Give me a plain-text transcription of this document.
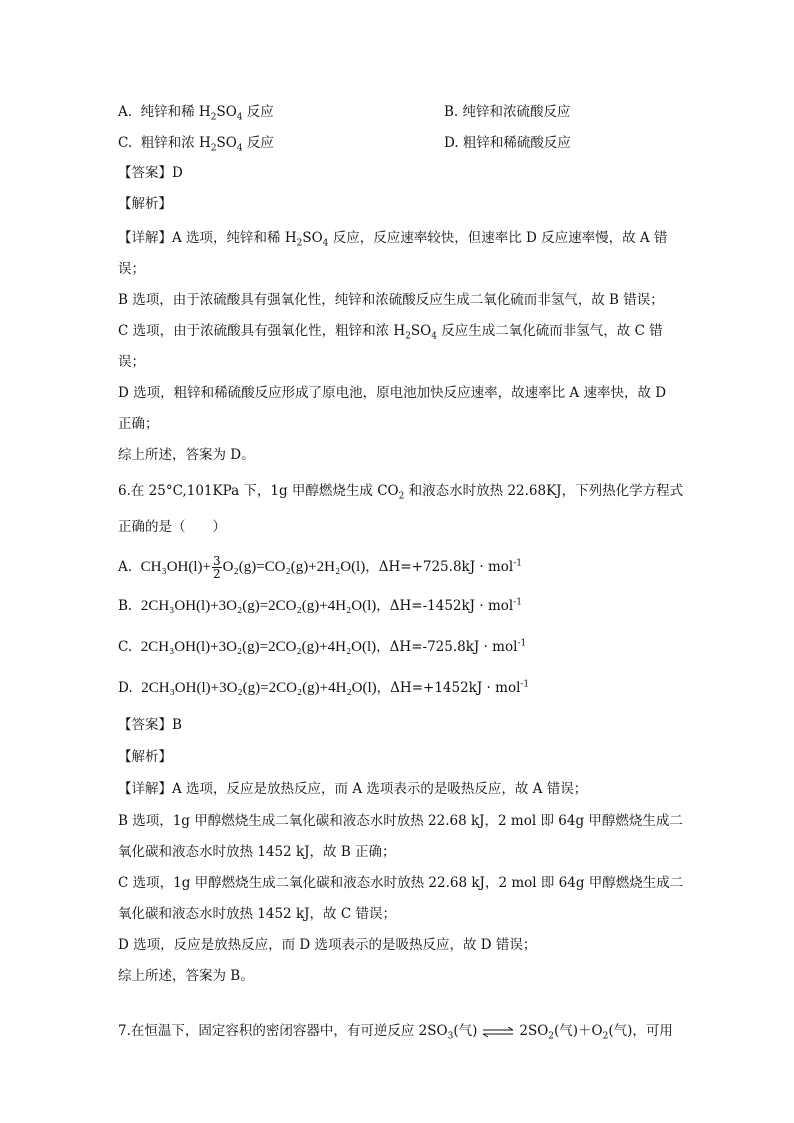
A. 纯锌和稀 $H_2SO_4$ 反应	B. 纯锌和浓硫酸反应
C. 粗锌和浓 $H_2SO_4$ 反应	D. 粗锌和稀硫酸反应
【答案】D
【解析】
【详解】A 选项，纯锌和稀 $H_2SO_4$ 反应，反应速率较快，但速率比 D 反应速率慢，故 A 错
误；
B 选项，由于浓硫酸具有强氧化性，纯锌和浓硫酸反应生成二氧化硫而非氢气，故 B 错误；
C 选项，由于浓硫酸具有强氧化性，粗锌和浓 $H_2SO_4$ 反应生成二氧化硫而非氢气，故 C 错
误；
D 选项，粗锌和稀硫酸反应形成了原电池，原电池加快反应速率，故速率比 A 速率快，故 D
正确；
综上所述，答案为 D。
6.在 25°C,101KPa 下，1g 甲醇燃烧生成 $CO_2$ 和液态水时放热 22.68KJ，下列热化学方程式
正确的是（　　）
A. $CH_3OH(l)+ \frac{3}{2} O_2(g)=CO_2(g)+2H_2O(l)$，ΔH=+725.8kJ · mol$^{-1}$
B. 2CH₃OH(l)+3O₂(g)=2CO₂(g)+4H₂O(l)，ΔH=-1452kJ · mol$^{-1}$
C. 2CH₃OH(l)+3O₂(g)=2CO₂(g)+4H₂O(l)，ΔH=-725.8kJ · mol$^{-1}$
D. 2CH₃OH(l)+3O₂(g)=2CO₂(g)+4H₂O(l)，ΔH=+1452kJ · mol$^{-1}$
【答案】B
【解析】
【详解】A 选项，反应是放热反应，而 A 选项表示的是吸热反应，故 A 错误；
B 选项，1g 甲醇燃烧生成二氧化碳和液态水时放热 22.68 kJ，2 mol 即 64g 甲醇燃烧生成二
氧化碳和液态水时放热 1452 kJ，故 B 正确；
C 选项，1g 甲醇燃烧生成二氧化碳和液态水时放热 22.68 kJ，2 mol 即 64g 甲醇燃烧生成二
氧化碳和液态水时放热 1452 kJ，故 C 错误；
D 选项，反应是放热反应，而 D 选项表示的是吸热反应，故 D 错误；
综上所述，答案为 B。
7.在恒温下，固定容积的密闭容器中，有可逆反应 $2SO_3$(气) ⇌ $2SO_2$(气)$+O_2$(气)，可用
